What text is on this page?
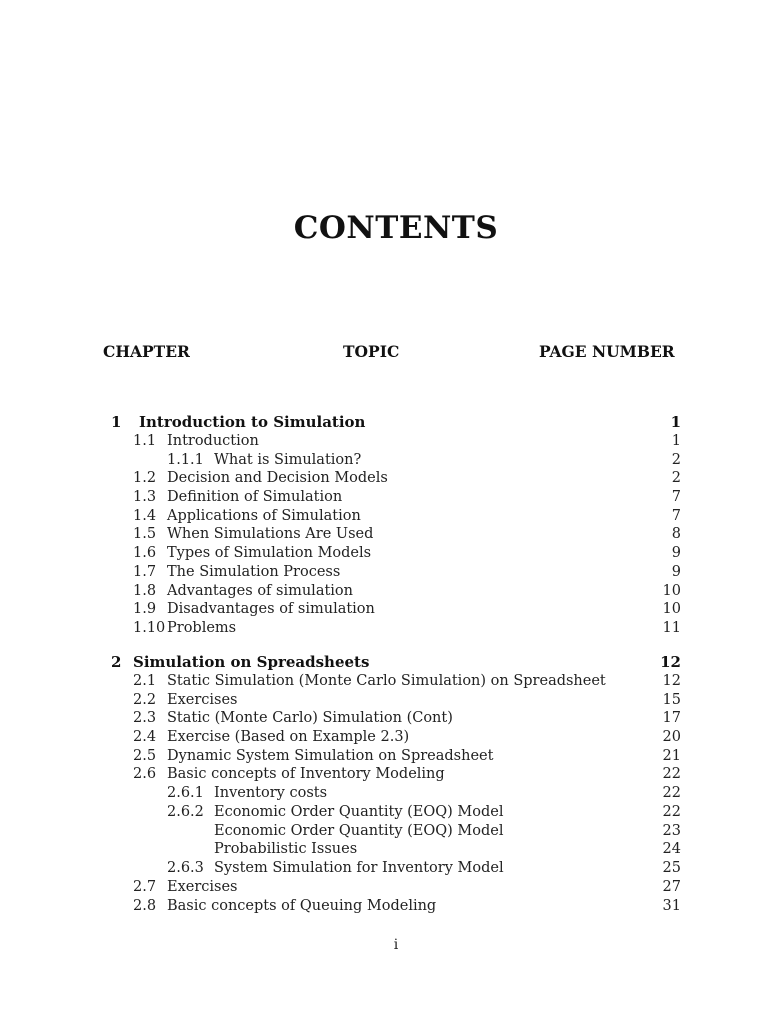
CONTENTS
CHAPTER	TOPIC	PAGE NUMBER
1 Introduction to Simulation	1
1.1 Introduction	1
1.1.1 What is Simulation?	2
1.2 Decision and Decision Models	2
1.3 Definition of Simulation	7
1.4 Applications of Simulation	7
1.5 When Simulations Are Used	8
1.6 Types of Simulation Models	9
1.7 The Simulation Process	9
1.8 Advantages of simulation	10
1.9 Disadvantages of simulation	10
1.10 Problems	11
2 Simulation on Spreadsheets	12
2.1 Static Simulation (Monte Carlo Simulation) on Spreadsheet	12
2.2 Exercises	15
2.3 Static (Monte Carlo) Simulation (Cont)	17
2.4 Exercise (Based on Example 2.3)	20
2.5 Dynamic System Simulation on Spreadsheet	21
2.6 Basic concepts of Inventory Modeling	22
2.6.1 Inventory costs	22
2.6.2 Economic Order Quantity (EOQ) Model	22
Economic Order Quantity (EOQ) Model	23
Probabilistic Issues	24
2.6.3 System Simulation for Inventory Model	25
2.7 Exercises	27
2.8 Basic concepts of Queuing Modeling	31
i
